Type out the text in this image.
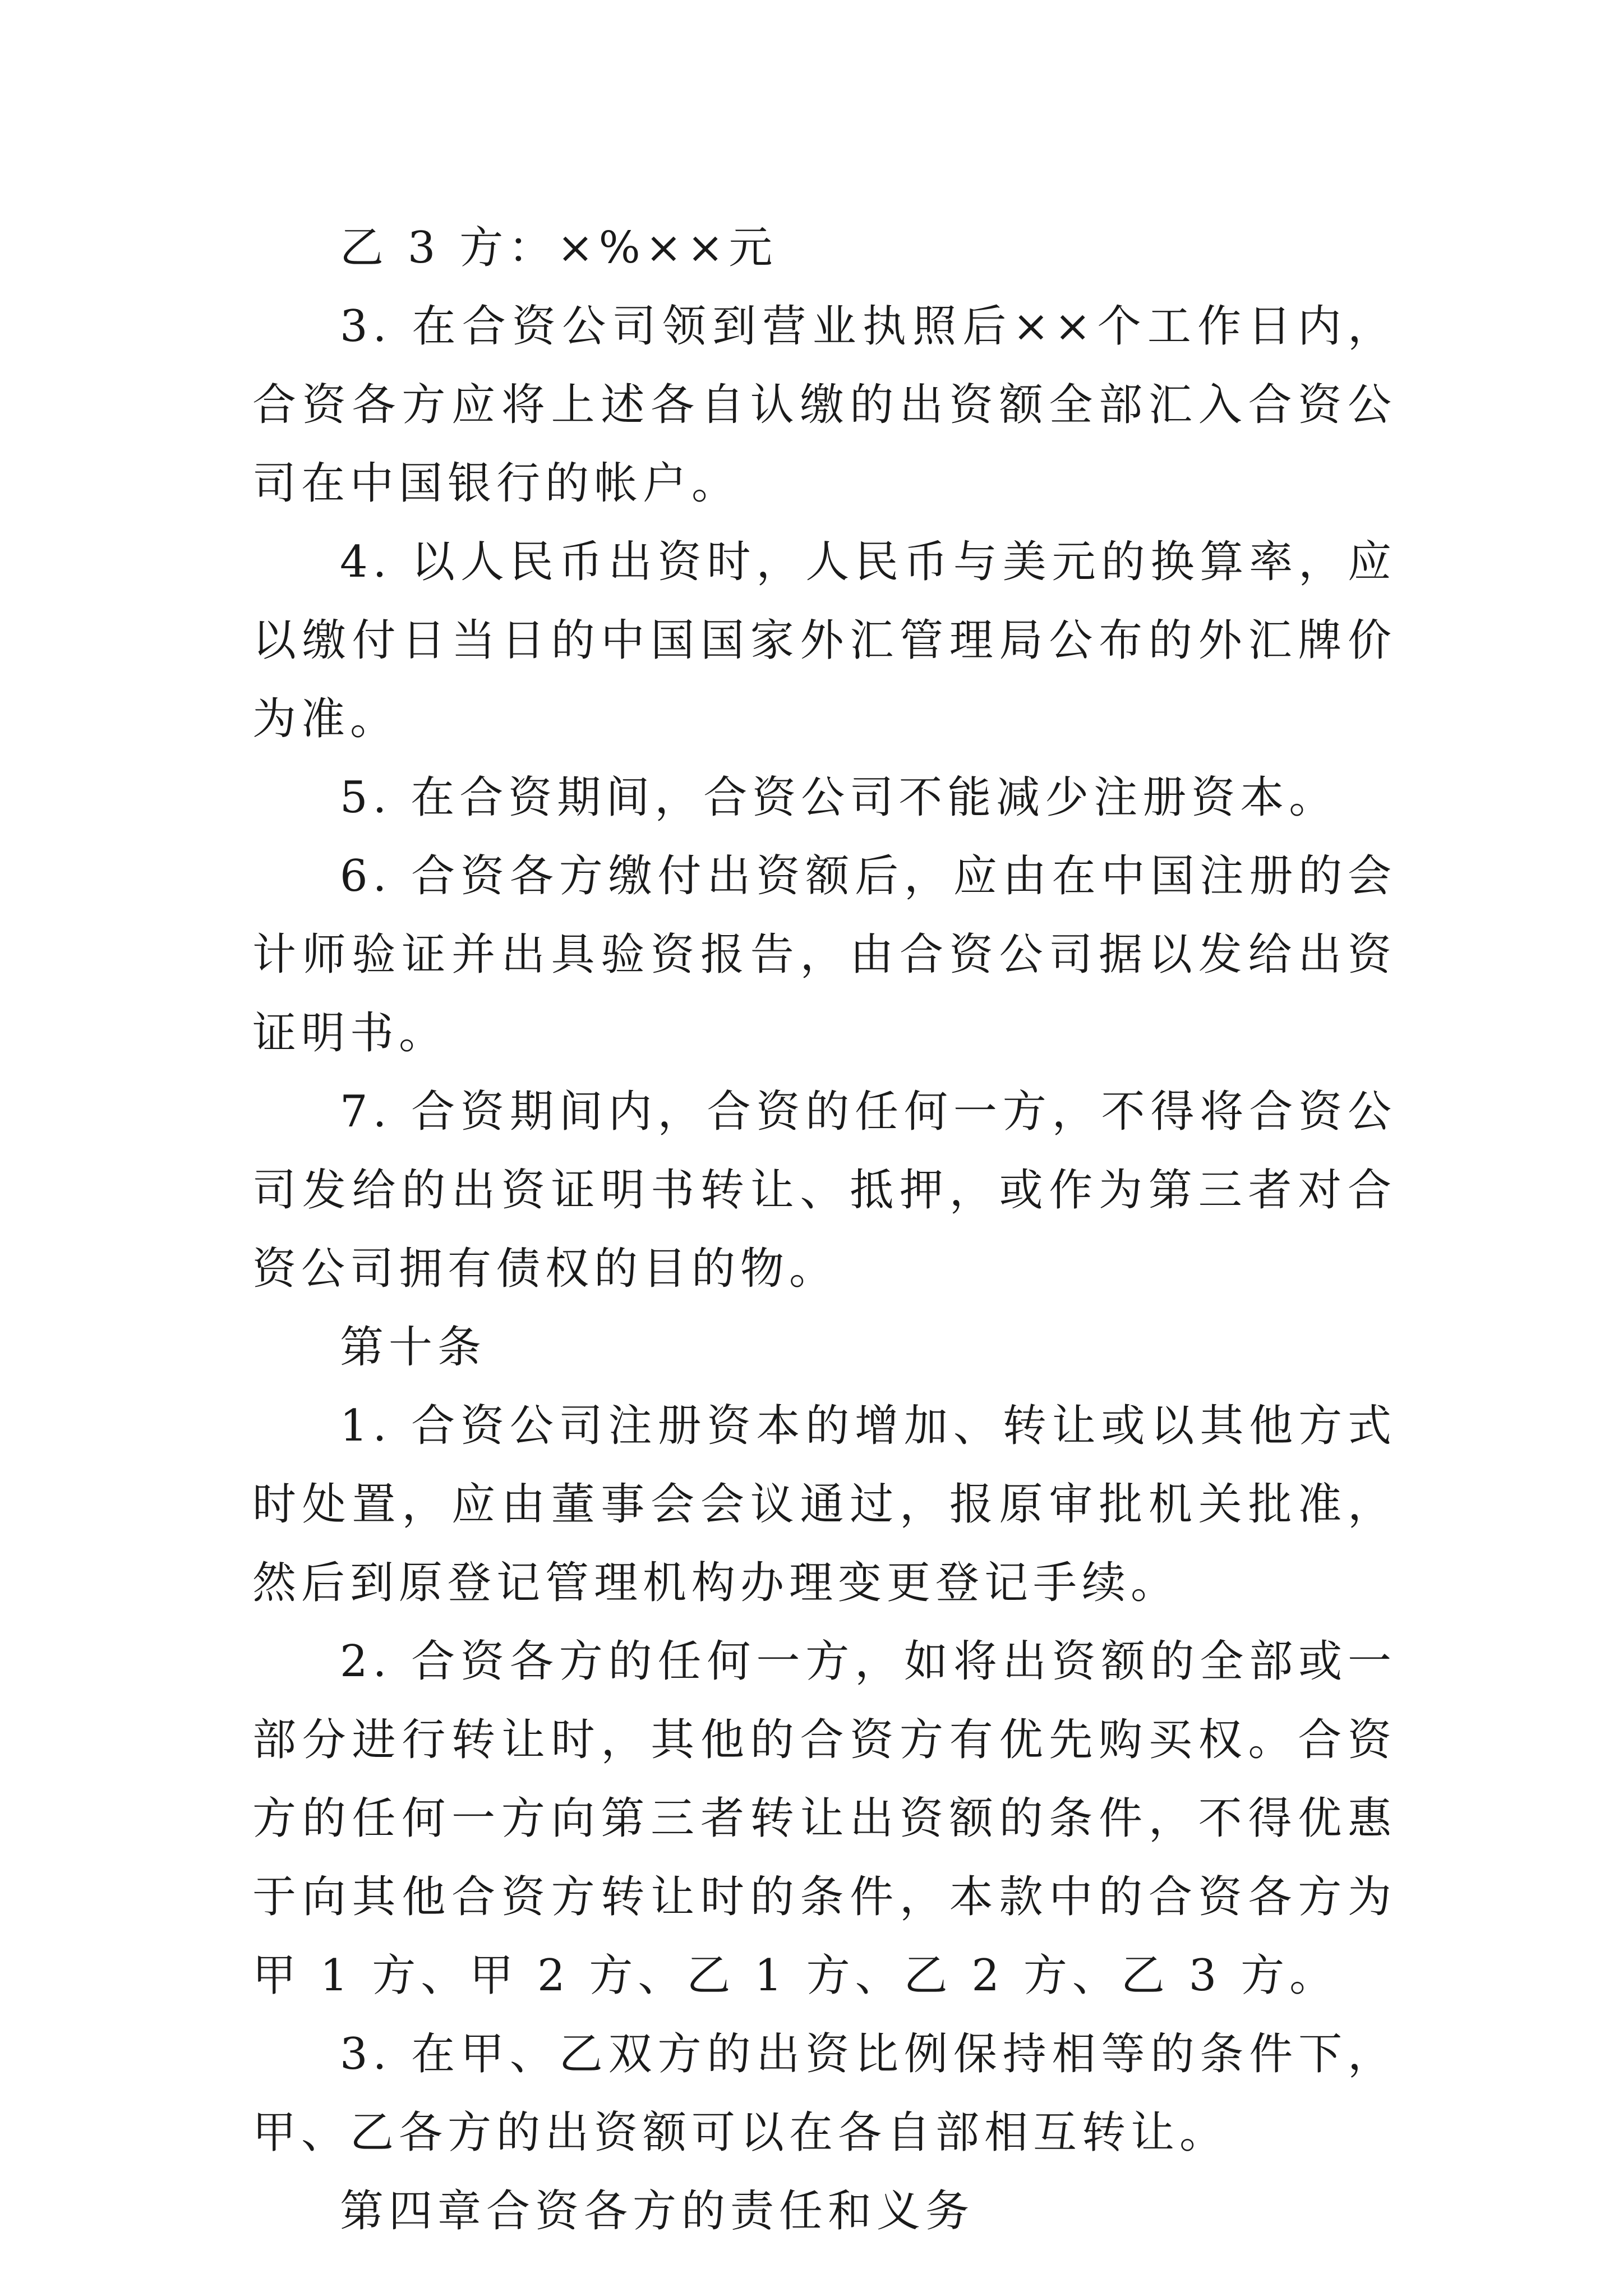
乙 3 方：×%××元

3. 在合资公司领到营业执照后××个工作日内，合资各方应将上述各自认缴的出资额全部汇入合资公司在中国银行的帐户。

4. 以人民币出资时，人民币与美元的换算率，应以缴付日当日的中国国家外汇管理局公布的外汇牌价为准。

5. 在合资期间，合资公司不能减少注册资本。

6. 合资各方缴付出资额后，应由在中国注册的会计师验证并出具验资报告，由合资公司据以发给出资证明书。

7. 合资期间内，合资的任何一方，不得将合资公司发给的出资证明书转让、抵押，或作为第三者对合资公司拥有债权的目的物。

第十条

1. 合资公司注册资本的增加、转让或以其他方式时处置，应由董事会会议通过，报原审批机关批准，然后到原登记管理机构办理变更登记手续。

2. 合资各方的任何一方，如将出资额的全部或一部分进行转让时，其他的合资方有优先购买权。合资方的任何一方向第三者转让出资额的条件，不得优惠于向其他合资方转让时的条件，本款中的合资各方为甲 1 方、甲 2 方、乙 1 方、乙 2 方、乙 3 方。

3. 在甲、乙双方的出资比例保持相等的条件下，甲、乙各方的出资额可以在各自部相互转让。

第四章合资各方的责任和义务
